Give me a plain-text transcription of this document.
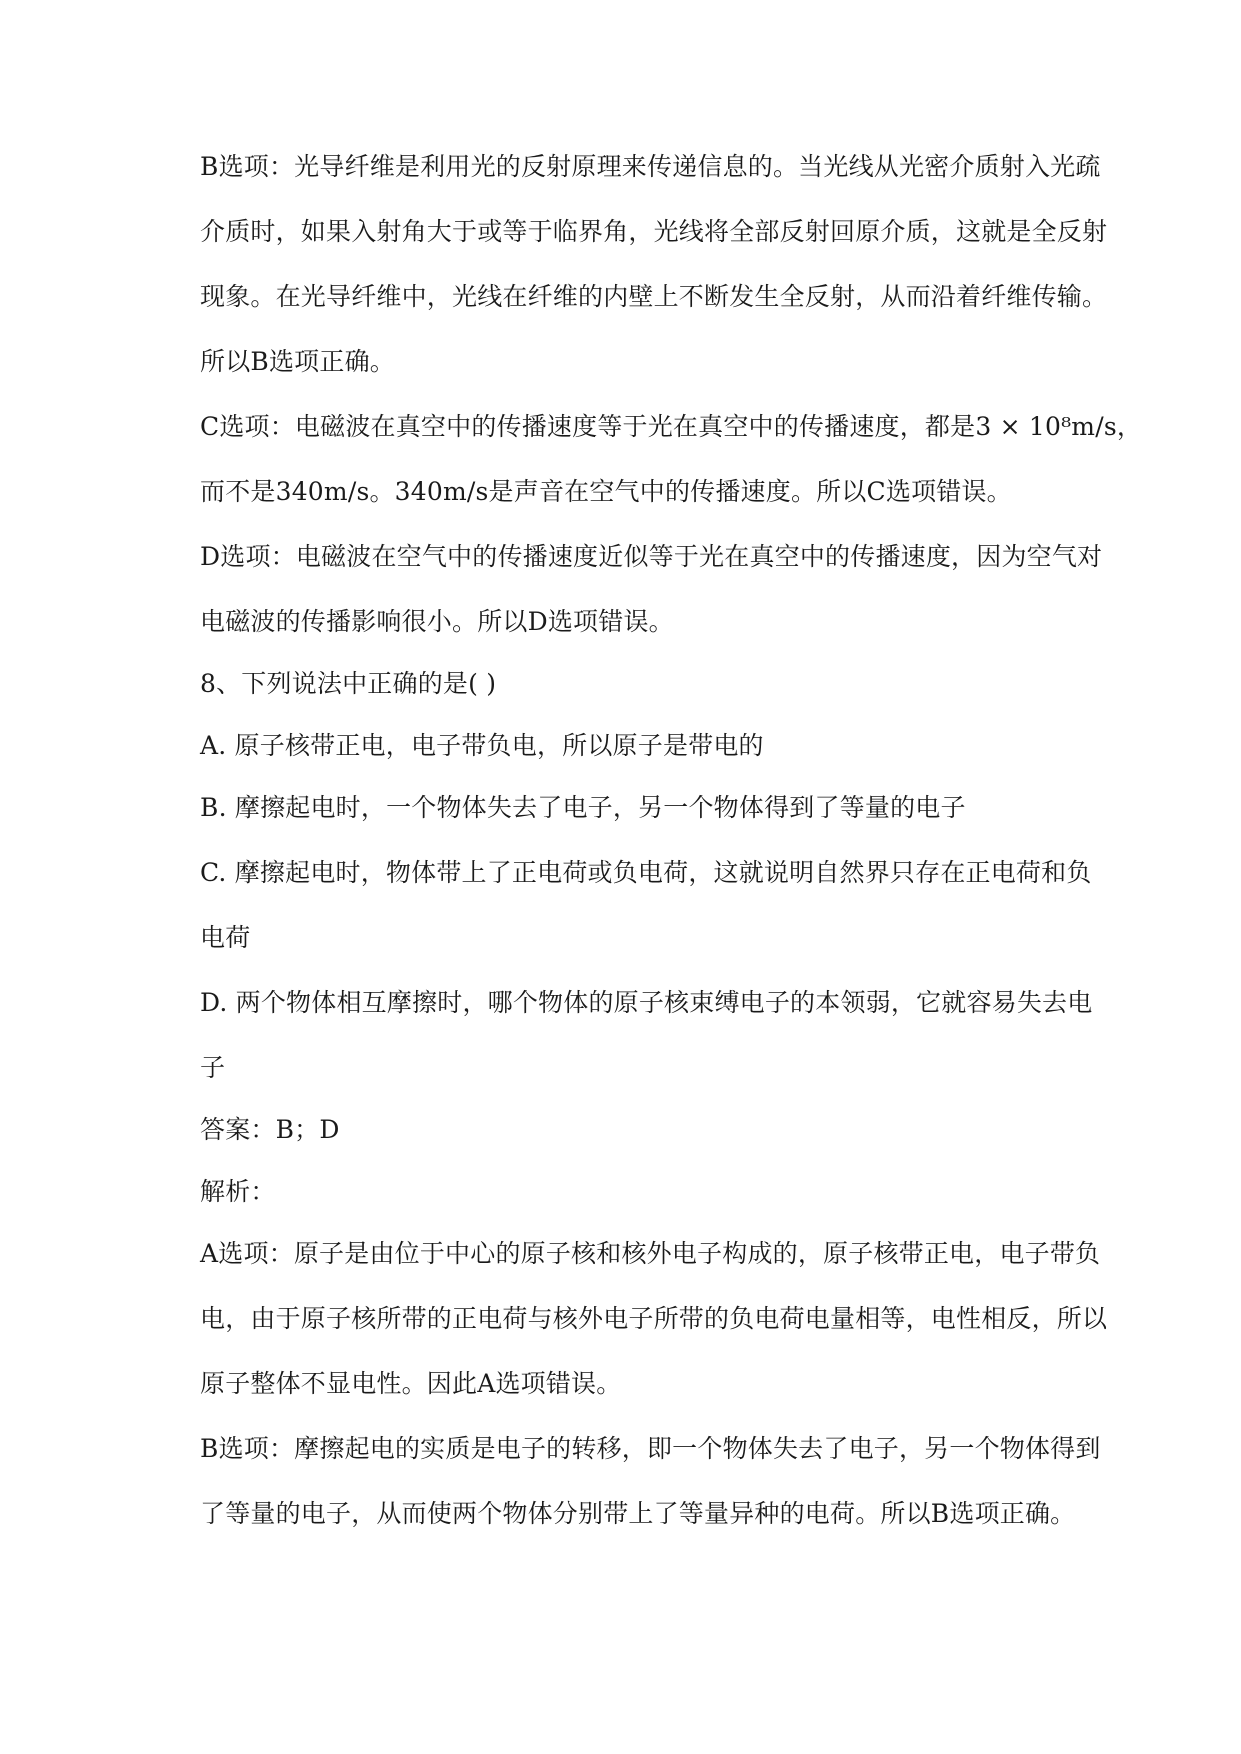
B选项：光导纤维是利用光的反射原理来传递信息的。当光线从光密介质射入光疏
介质时，如果入射角大于或等于临界角，光线将全部反射回原介质，这就是全反射
现象。在光导纤维中，光线在纤维的内壁上不断发生全反射，从而沿着纤维传输。
所以B选项正确。
C选项：电磁波在真空中的传播速度等于光在真空中的传播速度，都是3 × 10⁸m/s，
而不是340m/s。340m/s是声音在空气中的传播速度。所以C选项错误。
D选项：电磁波在空气中的传播速度近似等于光在真空中的传播速度，因为空气对
电磁波的传播影响很小。所以D选项错误。
8、下列说法中正确的是( )
A. 原子核带正电，电子带负电，所以原子是带电的
B. 摩擦起电时，一个物体失去了电子，另一个物体得到了等量的电子
C. 摩擦起电时，物体带上了正电荷或负电荷，这就说明自然界只存在正电荷和负
电荷
D. 两个物体相互摩擦时，哪个物体的原子核束缚电子的本领弱，它就容易失去电
子
答案：B；D
解析：
A选项：原子是由位于中心的原子核和核外电子构成的，原子核带正电，电子带负
电，由于原子核所带的正电荷与核外电子所带的负电荷电量相等，电性相反，所以
原子整体不显电性。因此A选项错误。
B选项：摩擦起电的实质是电子的转移，即一个物体失去了电子，另一个物体得到
了等量的电子，从而使两个物体分别带上了等量异种的电荷。所以B选项正确。
